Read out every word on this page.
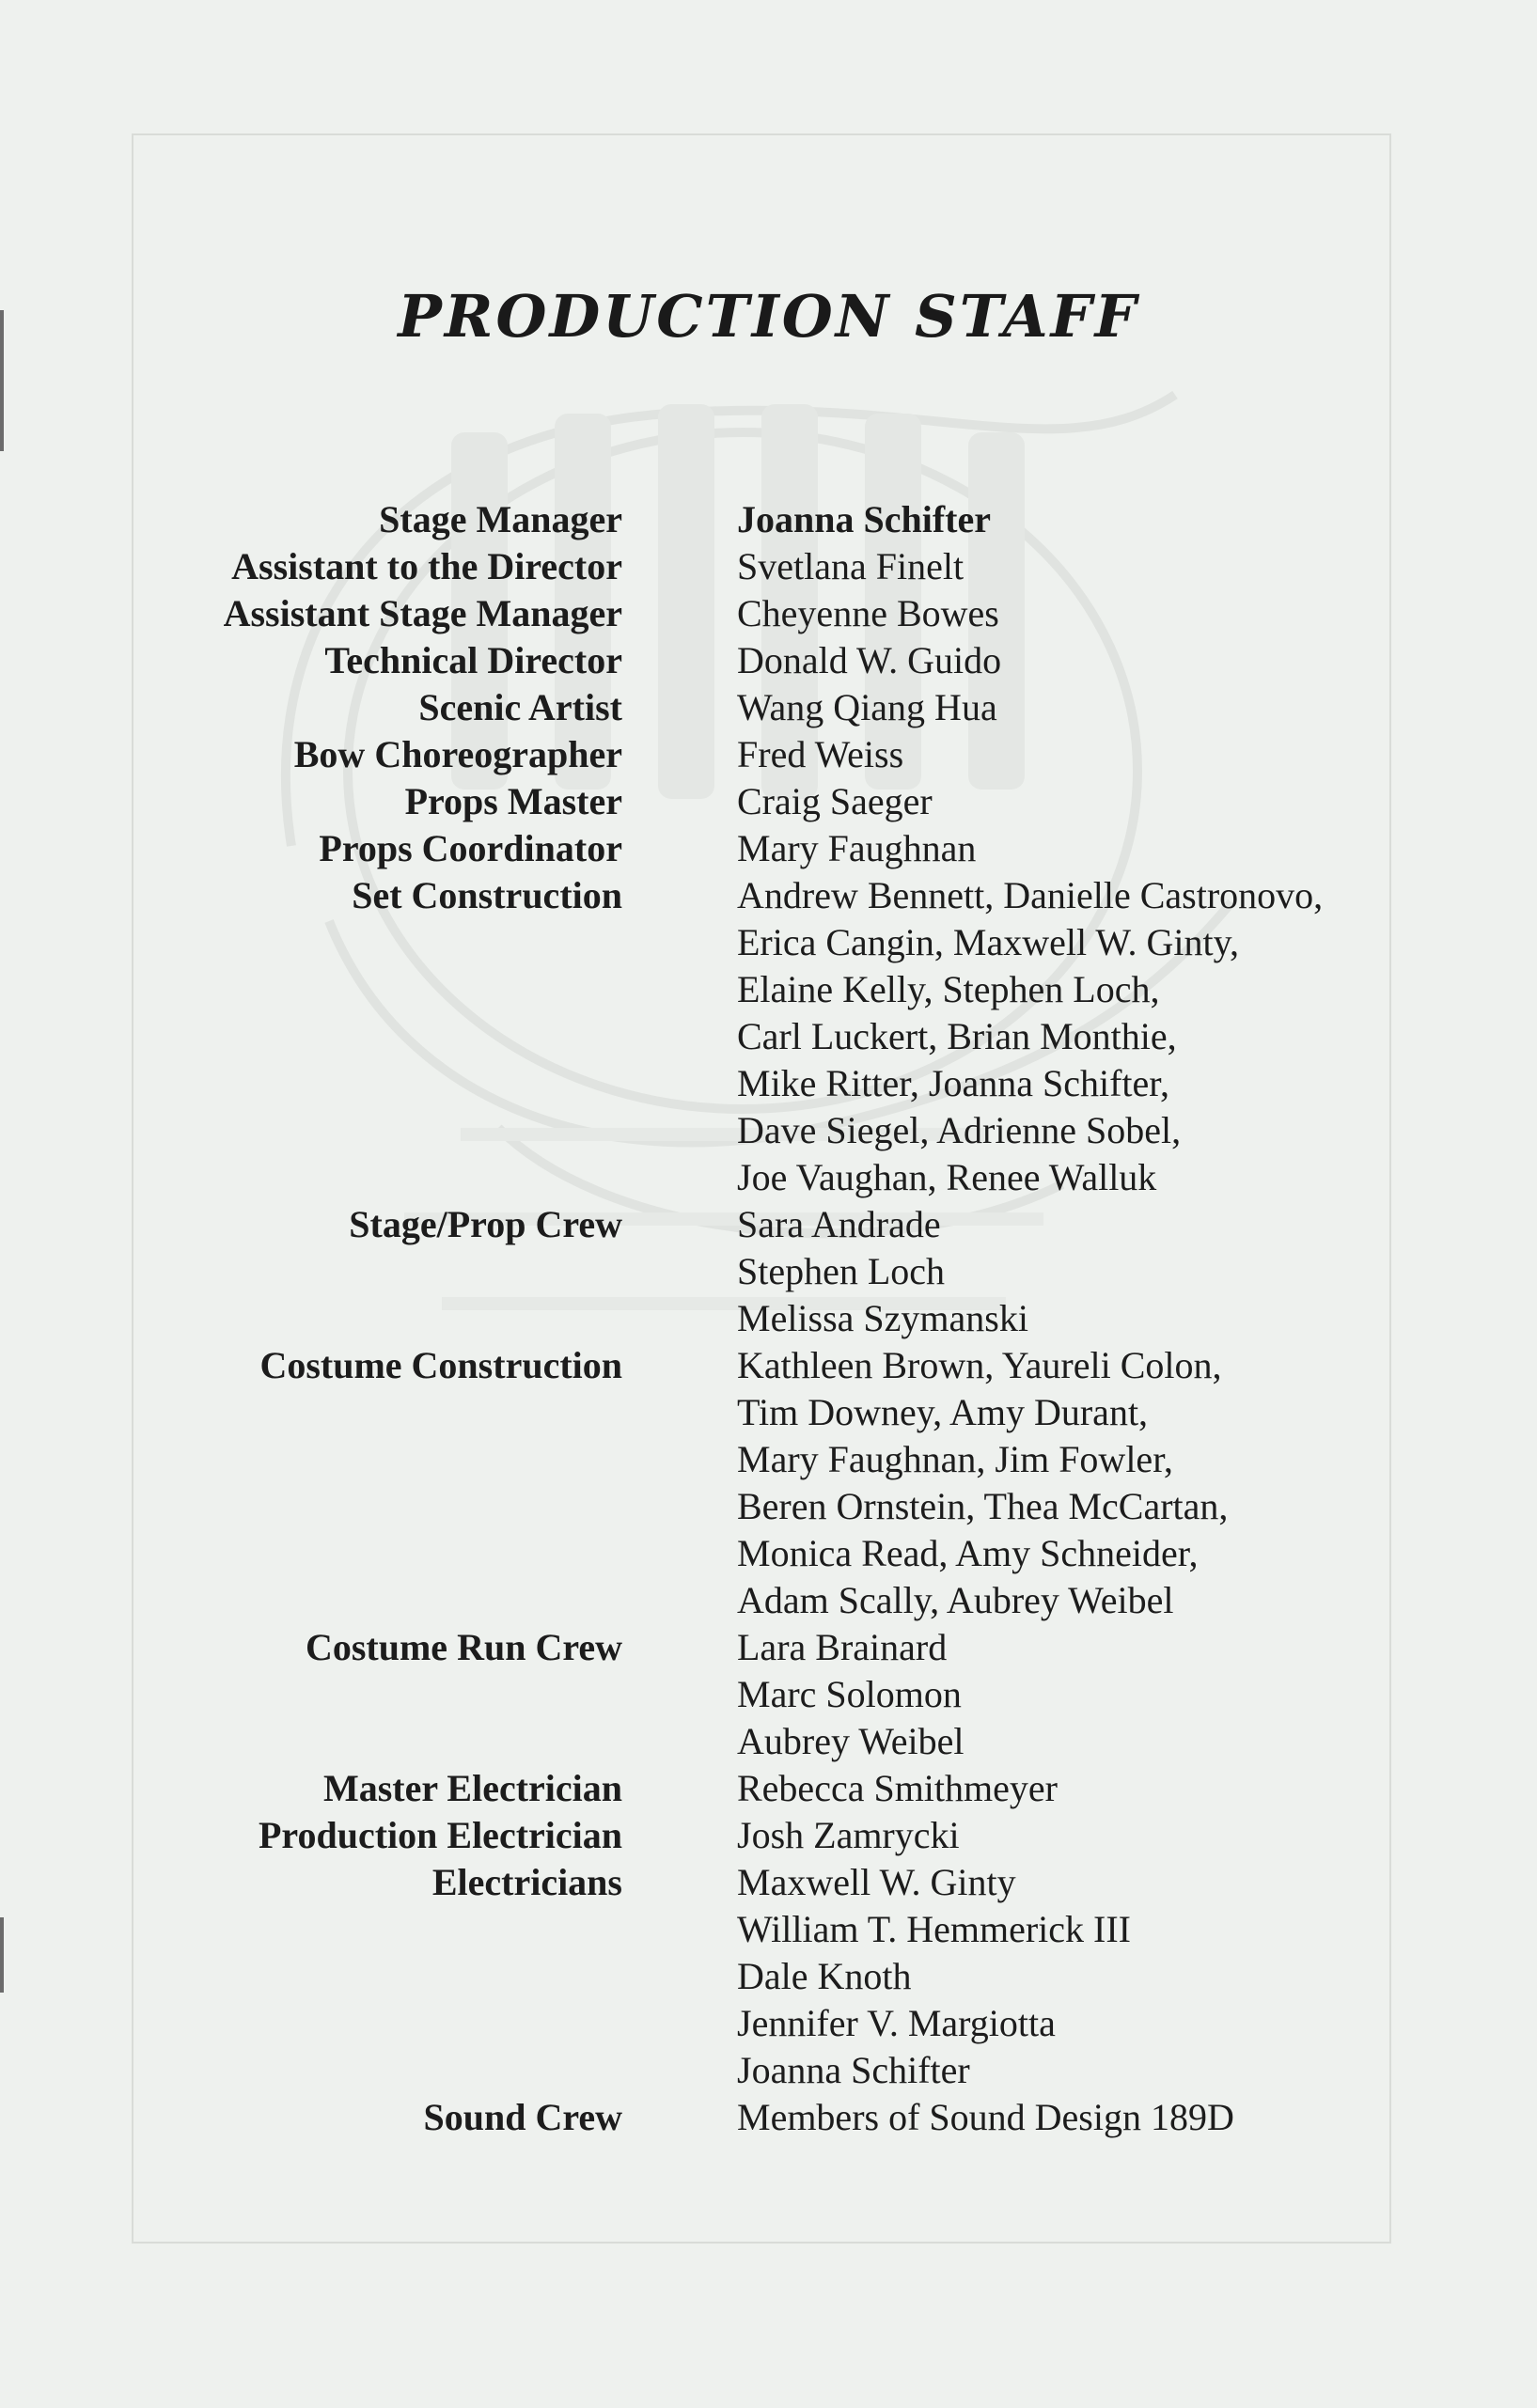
PRODUCTION STAFF
Stage Manager	Joanna Schifter
Assistant to the Director	Svetlana Finelt
Assistant Stage Manager	Cheyenne Bowes
Technical Director	Donald W. Guido
Scenic Artist	Wang Qiang Hua
Bow Choreographer	Fred Weiss
Props Master	Craig Saeger
Props Coordinator	Mary Faughnan
Set Construction	Andrew Bennett, Danielle Castronovo,
Erica Cangin, Maxwell W. Ginty,
Elaine Kelly, Stephen Loch,
Carl Luckert, Brian Monthie,
Mike Ritter, Joanna Schifter,
Dave Siegel, Adrienne Sobel,
Joe Vaughan, Renee Walluk
Stage/Prop Crew	Sara Andrade
Stephen Loch
Melissa Szymanski
Costume Construction	Kathleen Brown, Yaureli Colon,
Tim Downey, Amy Durant,
Mary Faughnan, Jim Fowler,
Beren Ornstein, Thea McCartan,
Monica Read, Amy Schneider,
Adam Scally, Aubrey Weibel
Costume Run Crew	Lara Brainard
Marc Solomon
Aubrey Weibel
Master Electrician	Rebecca Smithmeyer
Production Electrician	Josh Zamrycki
Electricians	Maxwell W. Ginty
William T. Hemmerick III
Dale Knoth
Jennifer V. Margiotta
Joanna Schifter
Sound Crew	Members of Sound Design 189D
